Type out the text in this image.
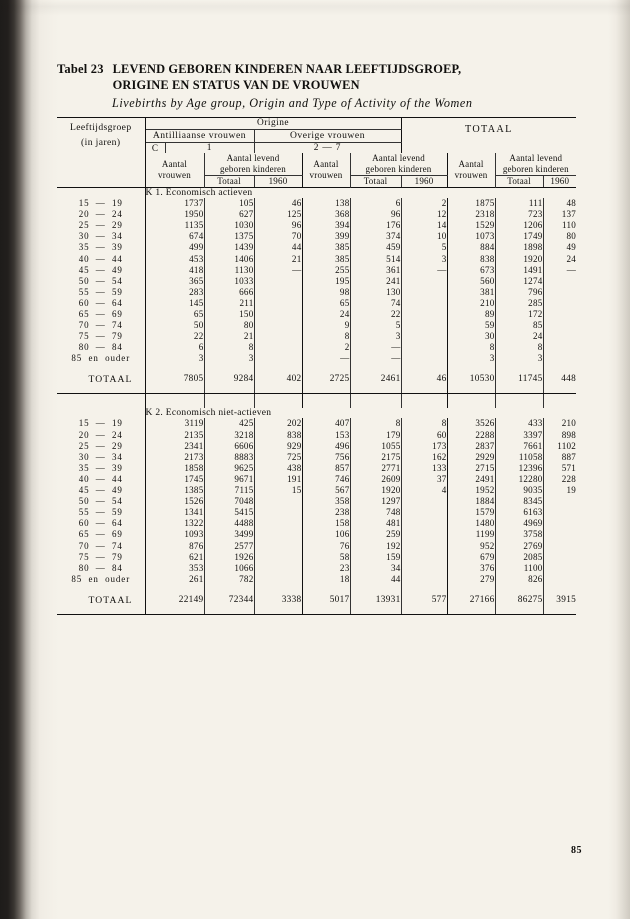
Tabel 23 LEVEND GEBOREN KINDEREN NAAR LEEFTIJDSGROEP,
ORIGINE EN STATUS VAN DE VROUWEN
Livebirths by Age group, Origin and Type of Activity of the Women
Leeftijdsgroep
(in jaren)	Origine						TOTAAL			
	Antilliaanse vrouwen			Overige vrouwen						
	C	1		2 — 7						

Aantal
vrouwen

Aantal levend
geboren kinderen	Aantal
vrouwen

Aantal levend
geboren kinderen	Aantal
vrouwen

Aantal levend
geboren kinderen

			Totaal	1960		Totaal	1960		Totaal	1960

	K 1. Economisch actieven									
15  —  19	1737		105	46	138	6	2	1875	111	48
20  —  24	1950		627	125	368	96	12	2318	723	137
25  —  29	1135		1030	96	394	176	14	1529	1206	110
30  —  34	674		1375	70	399	374	10	1073	1749	80
35  —  39	499		1439	44	385	459	5	884	1898	49
40  —  44	453		1406	21	385	514	3	838	1920	24
45  —  49	418		1130	—	255	361	—	673	1491	—
50  —  54	365		1033		195	241		560	1274	
55  —  59	283		666		98	130		381	796	
60  —  64	145		211		65	74		210	285	
65  —  69	65		150		24	22		89	172	
70  —  74	50		80		9	5		59	85	
75  —  79	22		21		8	3		30	24	
80  —  84	6		8		2	—		8	8	
85  en  ouder	3		3		—	—		3	3	

TOTAAL	7805		9284	402	2725	2461	46	10530	11745	448

	K 2. Economisch niet-actieven									
15  —  19	3119		425	202	407	8	8	3526	433	210
20  —  24	2135		3218	838	153	179	60	2288	3397	898
25  —  29	2341		6606	929	496	1055	173	2837	7661	1102
30  —  34	2173		8883	725	756	2175	162	2929	11058	887
35  —  39	1858		9625	438	857	2771	133	2715	12396	571
40  —  44	1745		9671	191	746	2609	37	2491	12280	228
45  —  49	1385		7115	15	567	1920	4	1952	9035	19
50  —  54	1526		7048		358	1297		1884	8345	
55  —  59	1341		5415		238	748		1579	6163	
60  —  64	1322		4488		158	481		1480	4969	
65  —  69	1093		3499		106	259		1199	3758	
70  —  74	876		2577		76	192		952	2769	
75  —  79	621		1926		58	159		679	2085	
80  —  84	353		1066		23	34		376	1100	
85  en  ouder	261		782		18	44		279	826	

TOTAAL	22149		72344	3338	5017	13931	577	27166	86275	3915

85
